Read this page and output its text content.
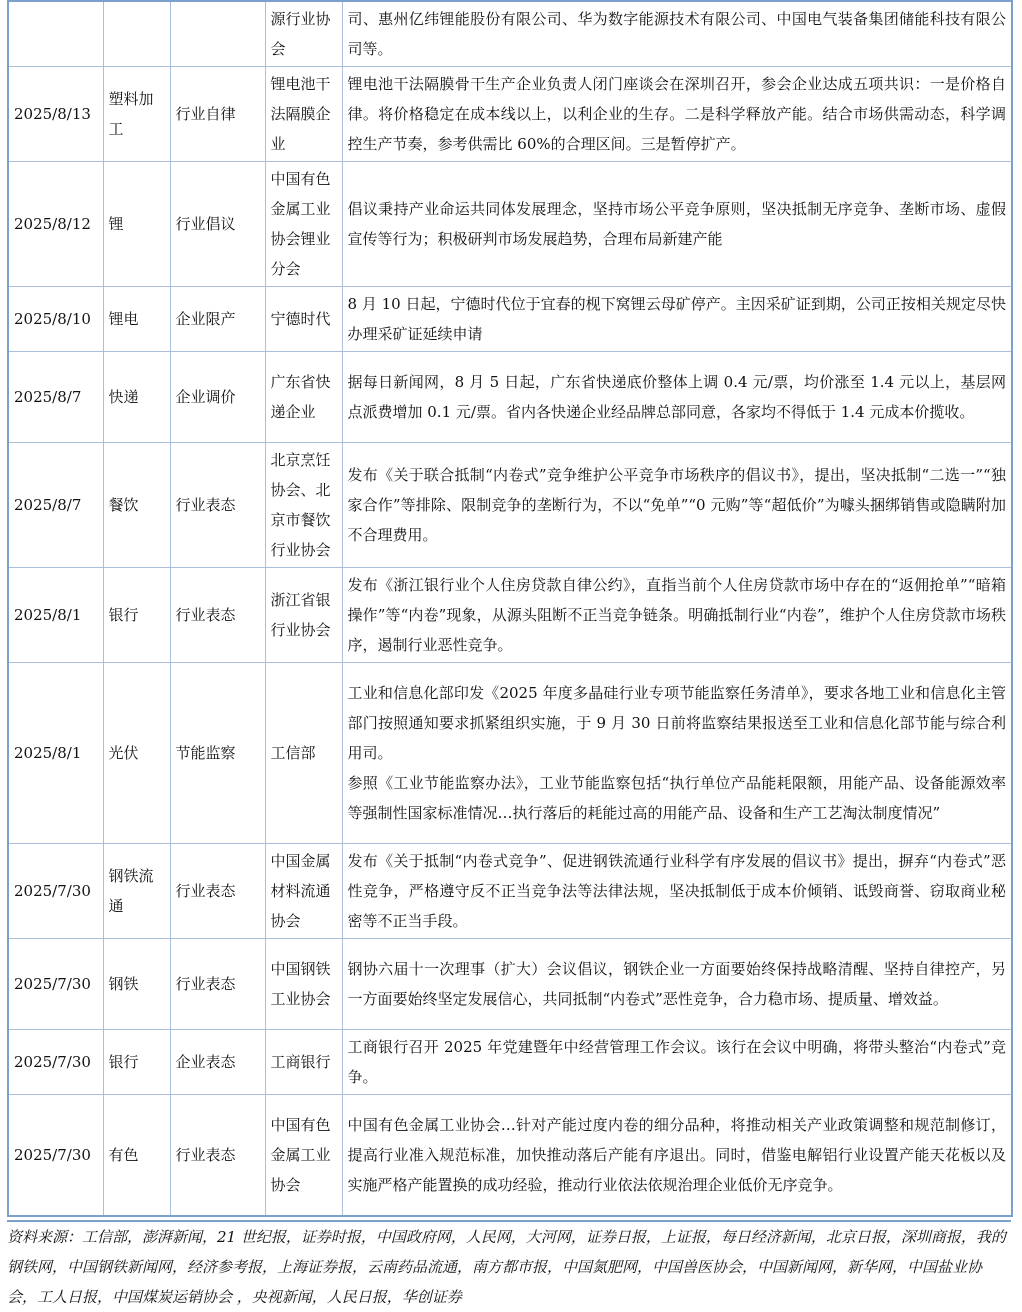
			源行业协会	司、惠州亿纬锂能股份有限公司、华为数字能源技术有限公司、中国电气装备集团储能科技有限公司等。
2025/8/13	塑料加工	行业自律	锂电池干法隔膜企业	锂电池干法隔膜骨干生产企业负责人闭门座谈会在深圳召开，参会企业达成五项共识：一是价格自律。将价格稳定在成本线以上，以利企业的生存。二是科学释放产能。结合市场供需动态，科学调控生产节奏，参考供需比 60%的合理区间。三是暂停扩产。
2025/8/12	锂	行业倡议	中国有色金属工业协会锂业分会	倡议秉持产业命运共同体发展理念，坚持市场公平竞争原则，坚决抵制无序竞争、垄断市场、虚假宣传等行为；积极研判市场发展趋势，合理布局新建产能
2025/8/10	锂电	企业限产	宁德时代	8 月 10 日起，宁德时代位于宜春的枧下窝锂云母矿停产。主因采矿证到期，公司正按相关规定尽快办理采矿证延续申请
2025/8/7	快递	企业调价	广东省快递企业	据每日新闻网，8 月 5 日起，广东省快递底价整体上调 0.4 元/票，均价涨至 1.4 元以上，基层网点派费增加 0.1 元/票。省内各快递企业经品牌总部同意，各家均不得低于 1.4 元成本价揽收。
2025/8/7	餐饮	行业表态	北京烹饪协会、北京市餐饮行业协会	发布《关于联合抵制“内卷式”竞争维护公平竞争市场秩序的倡议书》，提出，坚决抵制“二选一”“独家合作”等排除、限制竞争的垄断行为，不以“免单”“0 元购”等“超低价”为噱头捆绑销售或隐瞒附加不合理费用。
2025/8/1	银行	行业表态	浙江省银行业协会	发布《浙江银行业个人住房贷款自律公约》，直指当前个人住房贷款市场中存在的“返佣抢单”“暗箱操作”等“内卷”现象，从源头阻断不正当竞争链条。明确抵制行业“内卷”，维护个人住房贷款市场秩序，遏制行业恶性竞争。
2025/8/1	光伏	节能监察	工信部	工业和信息化部印发《2025 年度多晶硅行业专项节能监察任务清单》，要求各地工业和信息化主管部门按照通知要求抓紧组织实施，于 9 月 30 日前将监察结果报送至工业和信息化部节能与综合利用司。
参照《工业节能监察办法》，工业节能监察包括“执行单位产品能耗限额，用能产品、设备能源效率等强制性国家标准情况…执行落后的耗能过高的用能产品、设备和生产工艺淘汰制度情况”

2025/7/30	钢铁流通	行业表态	中国金属材料流通协会	发布《关于抵制“内卷式竞争”、促进钢铁流通行业科学有序发展的倡议书》提出，摒弃“内卷式”恶性竞争，严格遵守反不正当竞争法等法律法规，坚决抵制低于成本价倾销、诋毁商誉、窃取商业秘密等不正当手段。
2025/7/30	钢铁	行业表态	中国钢铁工业协会	钢协六届十一次理事（扩大）会议倡议，钢铁企业一方面要始终保持战略清醒、坚持自律控产，另一方面要始终坚定发展信心，共同抵制“内卷式”恶性竞争，合力稳市场、提质量、增效益。
2025/7/30	银行	企业表态	工商银行	工商银行召开 2025 年党建暨年中经营管理工作会议。该行在会议中明确，将带头整治“内卷式”竞争。
2025/7/30	有色	行业表态	中国有色金属工业协会	中国有色金属工业协会…针对产能过度内卷的细分品种，将推动相关产业政策调整和规范制修订，提高行业准入规范标准，加快推动落后产能有序退出。同时，借鉴电解铝行业设置产能天花板以及实施严格产能置换的成功经验，推动行业依法依规治理企业低价无序竞争。
资料来源：工信部，澎湃新闻，21 世纪报，证券时报，中国政府网，人民网，大河网，证券日报，上证报，每日经济新闻，北京日报，深圳商报，我的钢铁网，中国钢铁新闻网，经济参考报，上海证券报，云南药品流通，南方都市报，中国氮肥网，中国兽医协会，中国新闻网，新华网，中国盐业协会，工人日报，中国煤炭运销协会 ，央视新闻，人民日报，华创证券
